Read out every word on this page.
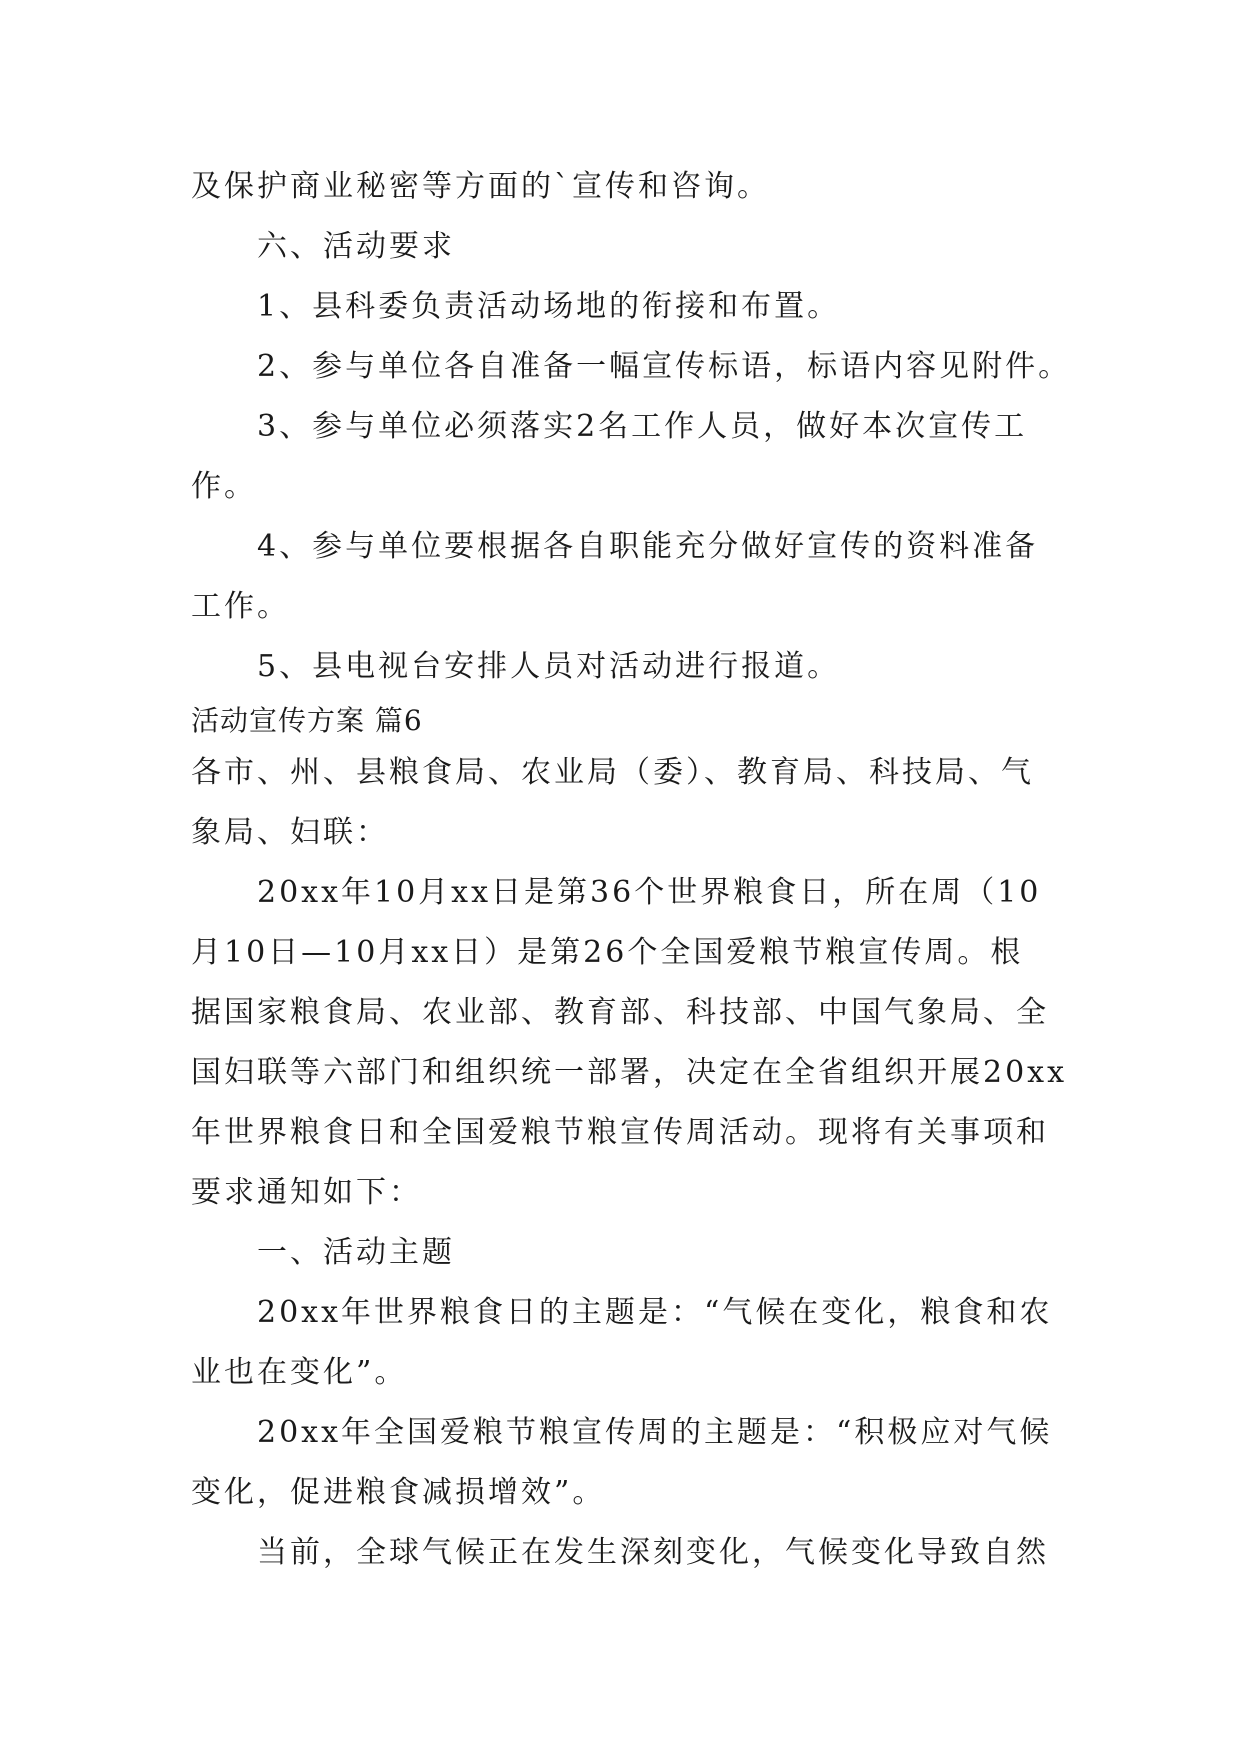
及保护商业秘密等方面的`宣传和咨询。
六、活动要求
1、县科委负责活动场地的衔接和布置。
2、参与单位各自准备一幅宣传标语，标语内容见附件。
3、参与单位必须落实2名工作人员，做好本次宣传工
作。
4、参与单位要根据各自职能充分做好宣传的资料准备
工作。
5、县电视台安排人员对活动进行报道。
活动宣传方案 篇6
各市、州、县粮食局、农业局（委）、教育局、科技局、气
象局、妇联：
20xx年10月xx日是第36个世界粮食日，所在周（10
月10日—10月xx日）是第26个全国爱粮节粮宣传周。根
据国家粮食局、农业部、教育部、科技部、中国气象局、全
国妇联等六部门和组织统一部署，决定在全省组织开展20xx
年世界粮食日和全国爱粮节粮宣传周活动。现将有关事项和
要求通知如下：
一、活动主题
20xx年世界粮食日的主题是：“气候在变化，粮食和农
业也在变化”。
20xx年全国爱粮节粮宣传周的主题是：“积极应对气候
变化，促进粮食减损增效”。
当前，全球气候正在发生深刻变化，气候变化导致自然
